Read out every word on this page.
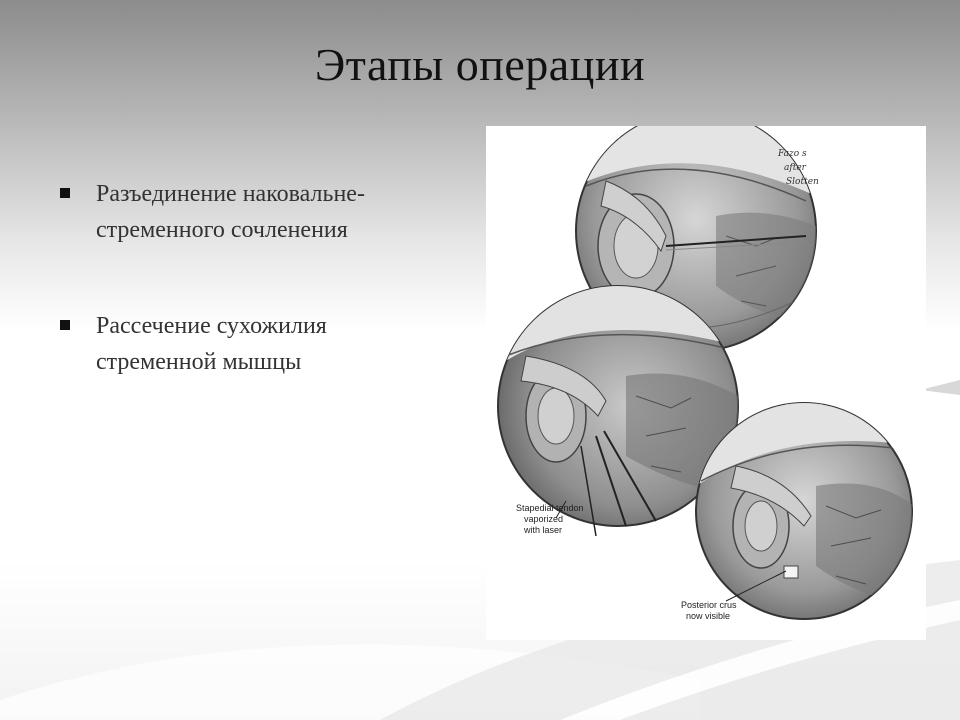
Этапы операции
Разъединение наковальне-
стременного сочленения
Рассечение сухожилия
стременной мышцы
Fazo s
after
Slotten
Stapedial tendon
vaporized
with laser
Posterior crus
now visible
